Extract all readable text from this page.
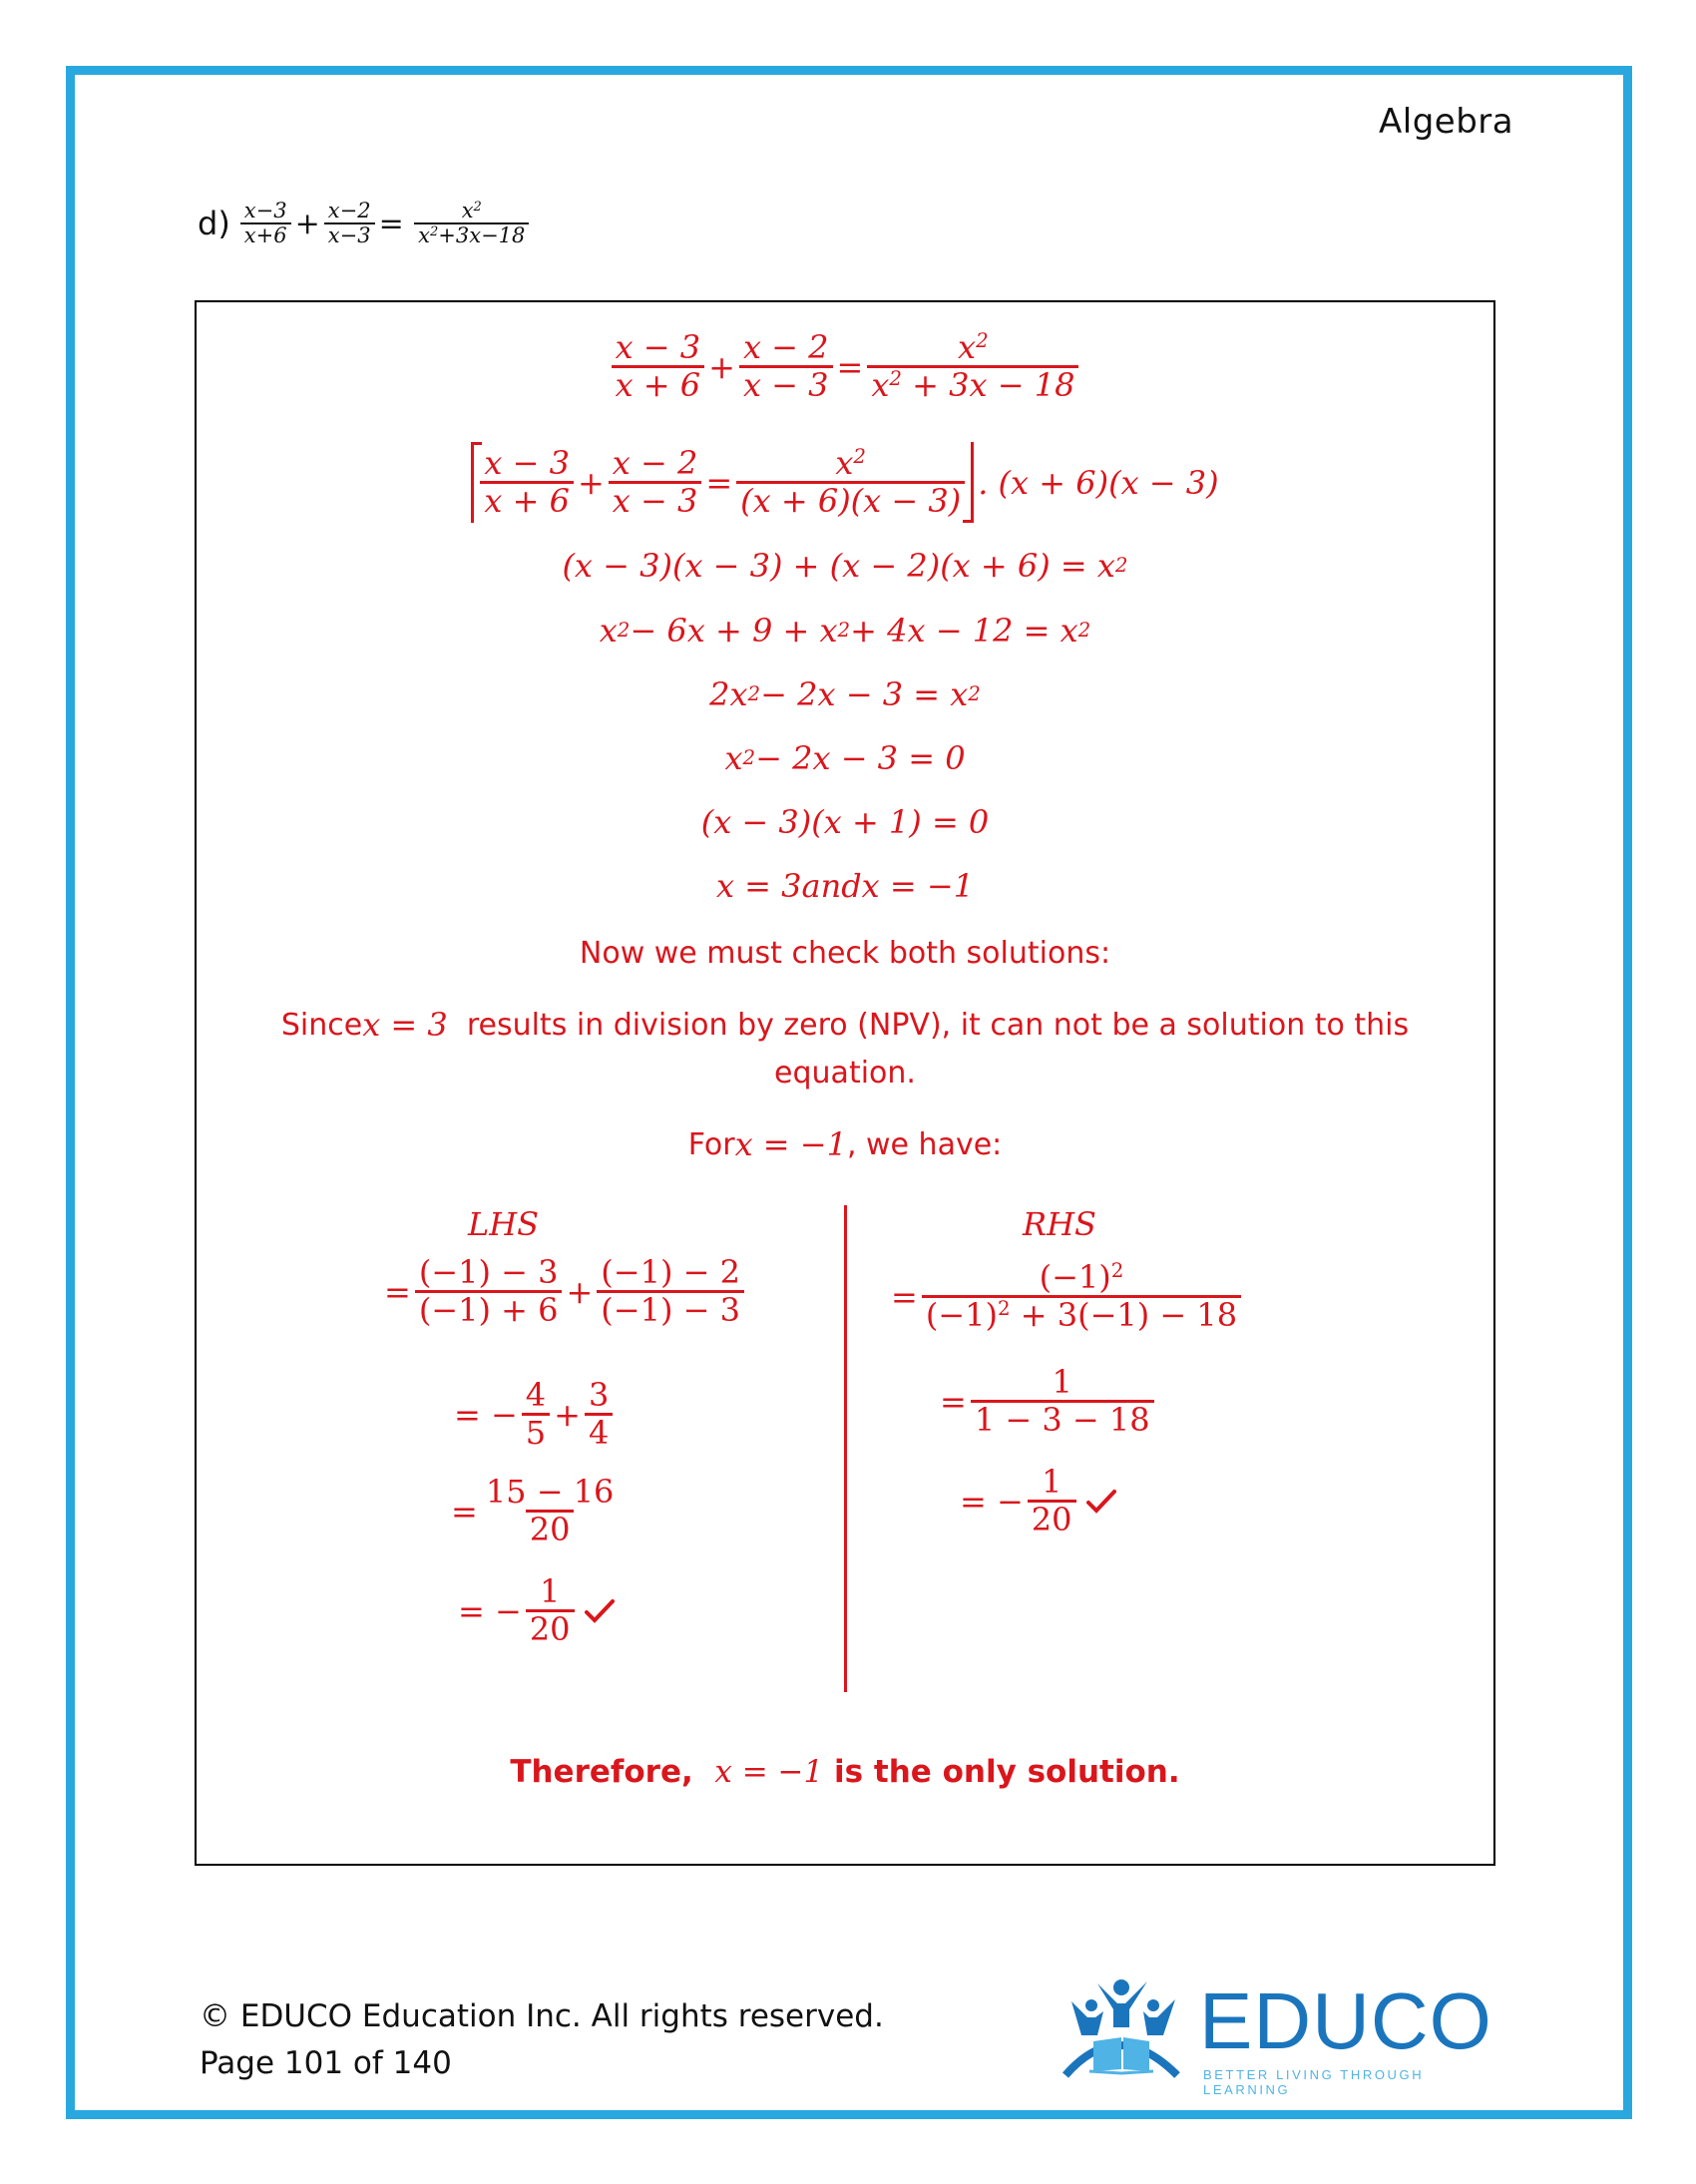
Algebra
$d) \frac{x-3}{x+6} + \frac{x-2}{x-3} = \frac{x^2}{x^2+3x-18}$
$\frac{x - 3}{x + 6} + \frac{x - 2}{x - 3} = \frac{x^2}{x^2 + 3x - 18}$
$\frac{x - 3}{x + 6} + \frac{x - 2}{x - 3} = \frac{x^2}{(x + 6)(x - 3)}$ . (x + 6)(x − 3)
(x − 3)(x − 3) + (x − 2)(x + 6) = x 2
x 2 − 6x + 9 + x 2 + 4x − 12 = x 2
2x 2 − 2x − 3 = x 2
x 2 − 2x − 3 = 0
(x − 3)(x + 1) = 0
x = 3 and x = −1
Now we must check both solutions:
Since x = 3 results in division by zero (NPV), it can not be a solution to this
equation.
For x = −1 , we have:
LHS	RHS
= $\frac{(-1) - 3}{(-1) + 6} + \frac{(-1) - 2}{(-1) - 3}$
= − $\frac{4}{5} + \frac{3}{4}$
= $\frac{15 - 16}{20}$
= − $\frac{1}{20}$
= $\frac{(-1)^2}{(-1)^2 + 3(-1) - 18}$
= $\frac{1}{1 - 3 - 18}$
= − $\frac{1}{20}$
Therefore, x = −1 is the only solution.
© EDUCO Education Inc. All rights reserved.
Page 101 of 140	EDUCO
BETTER LIVING THROUGH LEARNING
